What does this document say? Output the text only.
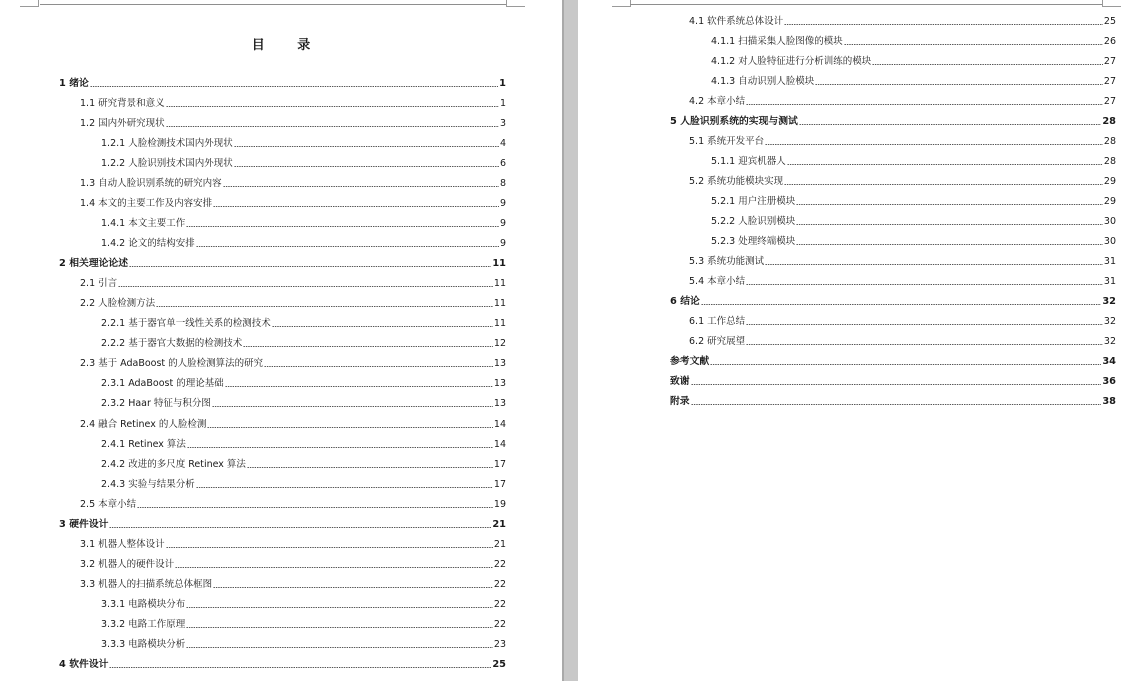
目 录
1 绪论	1
1.1 研究背景和意义	1
1.2 国内外研究现状	3
1.2.1 人脸检测技术国内外现状	4
1.2.2 人脸识别技术国内外现状	6
1.3 自动人脸识别系统的研究内容	8
1.4 本文的主要工作及内容安排	9
1.4.1 本文主要工作	9
1.4.2 论文的结构安排	9
2 相关理论论述	11
2.1 引言	11
2.2 人脸检测方法	11
2.2.1 基于器官单一线性关系的检测技术	11
2.2.2 基于器官大数据的检测技术	12
2.3 基于 AdaBoost 的人脸检测算法的研究	13
2.3.1 AdaBoost 的理论基础	13
2.3.2 Haar 特征与积分图	13
2.4 融合 Retinex 的人脸检测	14
2.4.1 Retinex 算法	14
2.4.2 改进的多尺度 Retinex 算法	17
2.4.3 实验与结果分析	17
2.5 本章小结	19
3 硬件设计	21
3.1 机器人整体设计	21
3.2 机器人的硬件设计	22
3.3 机器人的扫描系统总体框图	22
3.3.1 电路模块分布	22
3.3.2 电路工作原理	22
3.3.3 电路模块分析	23
4 软件设计	25
4.1 软件系统总体设计	25
4.1.1 扫描采集人脸图像的模块	26
4.1.2 对人脸特征进行分析训练的模块	27
4.1.3 自动识别人脸模块	27
4.2 本章小结	27
5 人脸识别系统的实现与测试	28
5.1 系统开发平台	28
5.1.1 迎宾机器人	28
5.2 系统功能模块实现	29
5.2.1 用户注册模块	29
5.2.2 人脸识别模块	30
5.2.3 处理终端模块	30
5.3 系统功能测试	31
5.4 本章小结	31
6 结论	32
6.1 工作总结	32
6.2 研究展望	32
参考文献	34
致谢	36
附录	38
